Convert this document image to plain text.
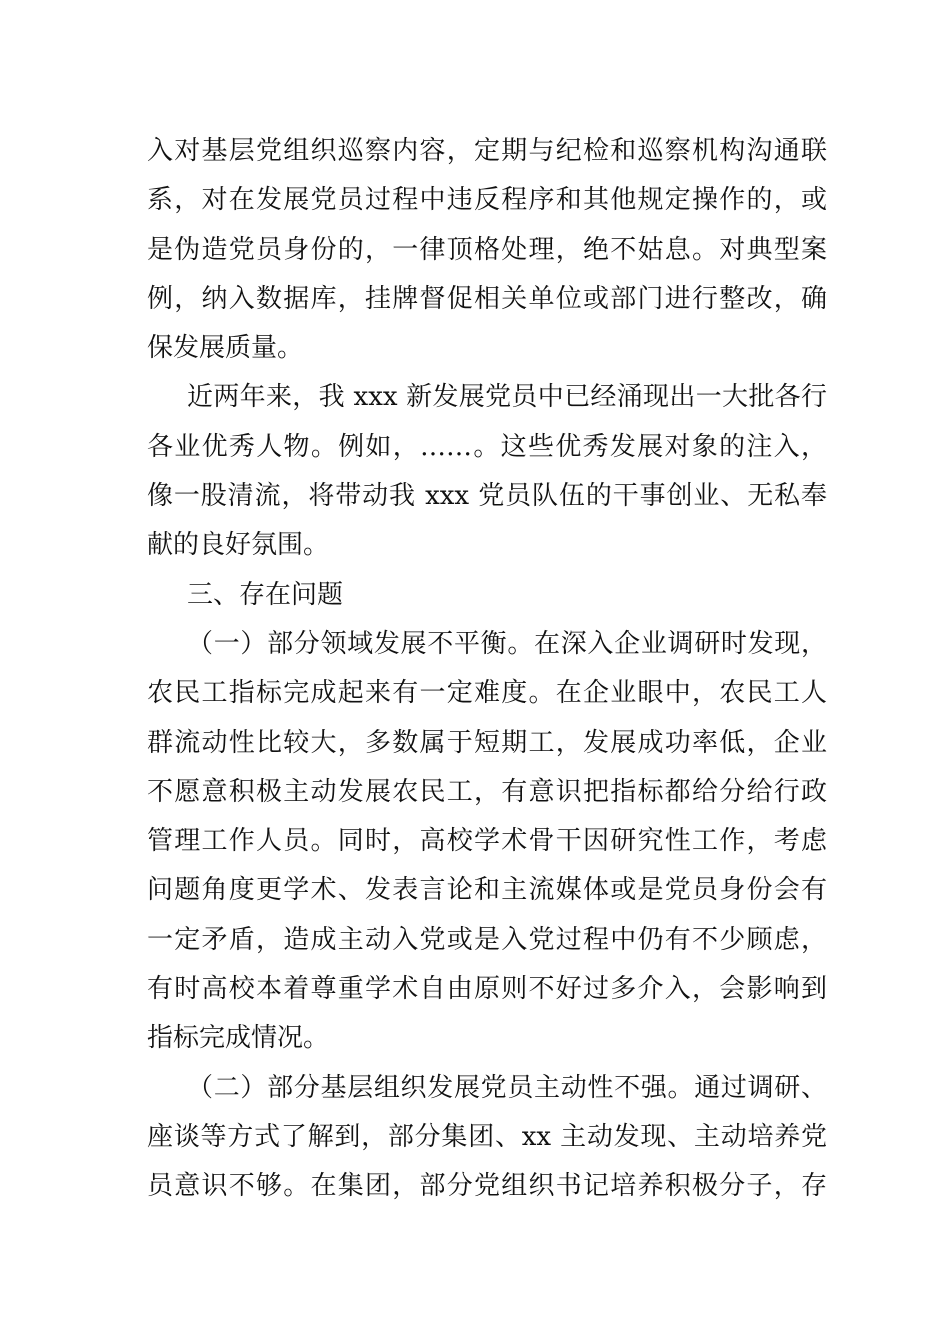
入对基层党组织巡察内容，定期与纪检和巡察机构沟通联
系，对在发展党员过程中违反程序和其他规定操作的，或
是伪造党员身份的，一律顶格处理，绝不姑息。对典型案
例，纳入数据库，挂牌督促相关单位或部门进行整改，确
保发展质量。
近两年来，我 xxx 新发展党员中已经涌现出一大批各行
各业优秀人物。例如，……。这些优秀发展对象的注入，
像一股清流，将带动我 xxx 党员队伍的干事创业、无私奉
献的良好氛围。
三、存在问题
（一）部分领域发展不平衡。在深入企业调研时发现，
农民工指标完成起来有一定难度。在企业眼中，农民工人
群流动性比较大，多数属于短期工，发展成功率低，企业
不愿意积极主动发展农民工，有意识把指标都给分给行政
管理工作人员。同时，高校学术骨干因研究性工作，考虑
问题角度更学术、发表言论和主流媒体或是党员身份会有
一定矛盾，造成主动入党或是入党过程中仍有不少顾虑，
有时高校本着尊重学术自由原则不好过多介入，会影响到
指标完成情况。
（二）部分基层组织发展党员主动性不强。通过调研、
座谈等方式了解到，部分集团、xx 主动发现、主动培养党
员意识不够。在集团，部分党组织书记培养积极分子，存
